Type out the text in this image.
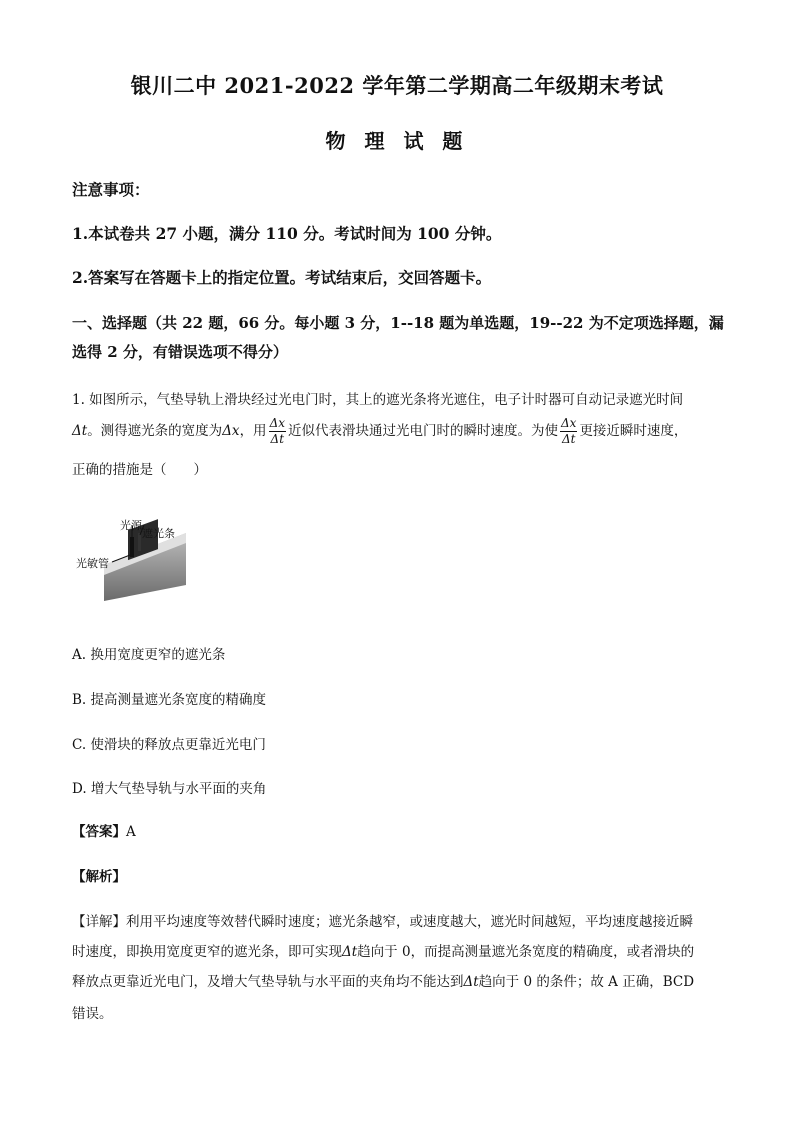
银川二中 2021-2022 学年第二学期高二年级期末考试
物 理 试 题
注意事项：
1.本试卷共 27 小题，满分 110 分。考试时间为 100 分钟。
2.答案写在答题卡上的指定位置。考试结束后，交回答题卡。
一、选择题（共 22 题，66 分。每小题 3 分，1--18 题为单选题，19--22 为不定项选择题，漏
选得 2 分，有错误选项不得分）
1. 如图所示，气垫导轨上滑块经过光电门时，其上的遮光条将光遮住，电子计时器可自动记录遮光时间
Δt。测得遮光条的宽度为Δx，用 $\frac{\Delta x}{\Delta t}$ 近似代表滑块通过光电门时的瞬时速度。为使 $\frac{\Delta x}{\Delta t}$ 更接近瞬时速度，
正确的措施是（　　）
光源
遮光条
光敏管
A. 换用宽度更窄的遮光条
B. 提高测量遮光条宽度的精确度
C. 使滑块的释放点更靠近光电门
D. 增大气垫导轨与水平面的夹角
【答案】A
【解析】
【详解】利用平均速度等效替代瞬时速度；遮光条越窄，或速度越大，遮光时间越短，平均速度越接近瞬
时速度，即换用宽度更窄的遮光条，即可实现Δt趋向于 0，而提高测量遮光条宽度的精确度，或者滑块的
释放点更靠近光电门，及增大气垫导轨与水平面的夹角均不能达到Δt趋向于 0 的条件；故 A 正确，BCD
错误。
